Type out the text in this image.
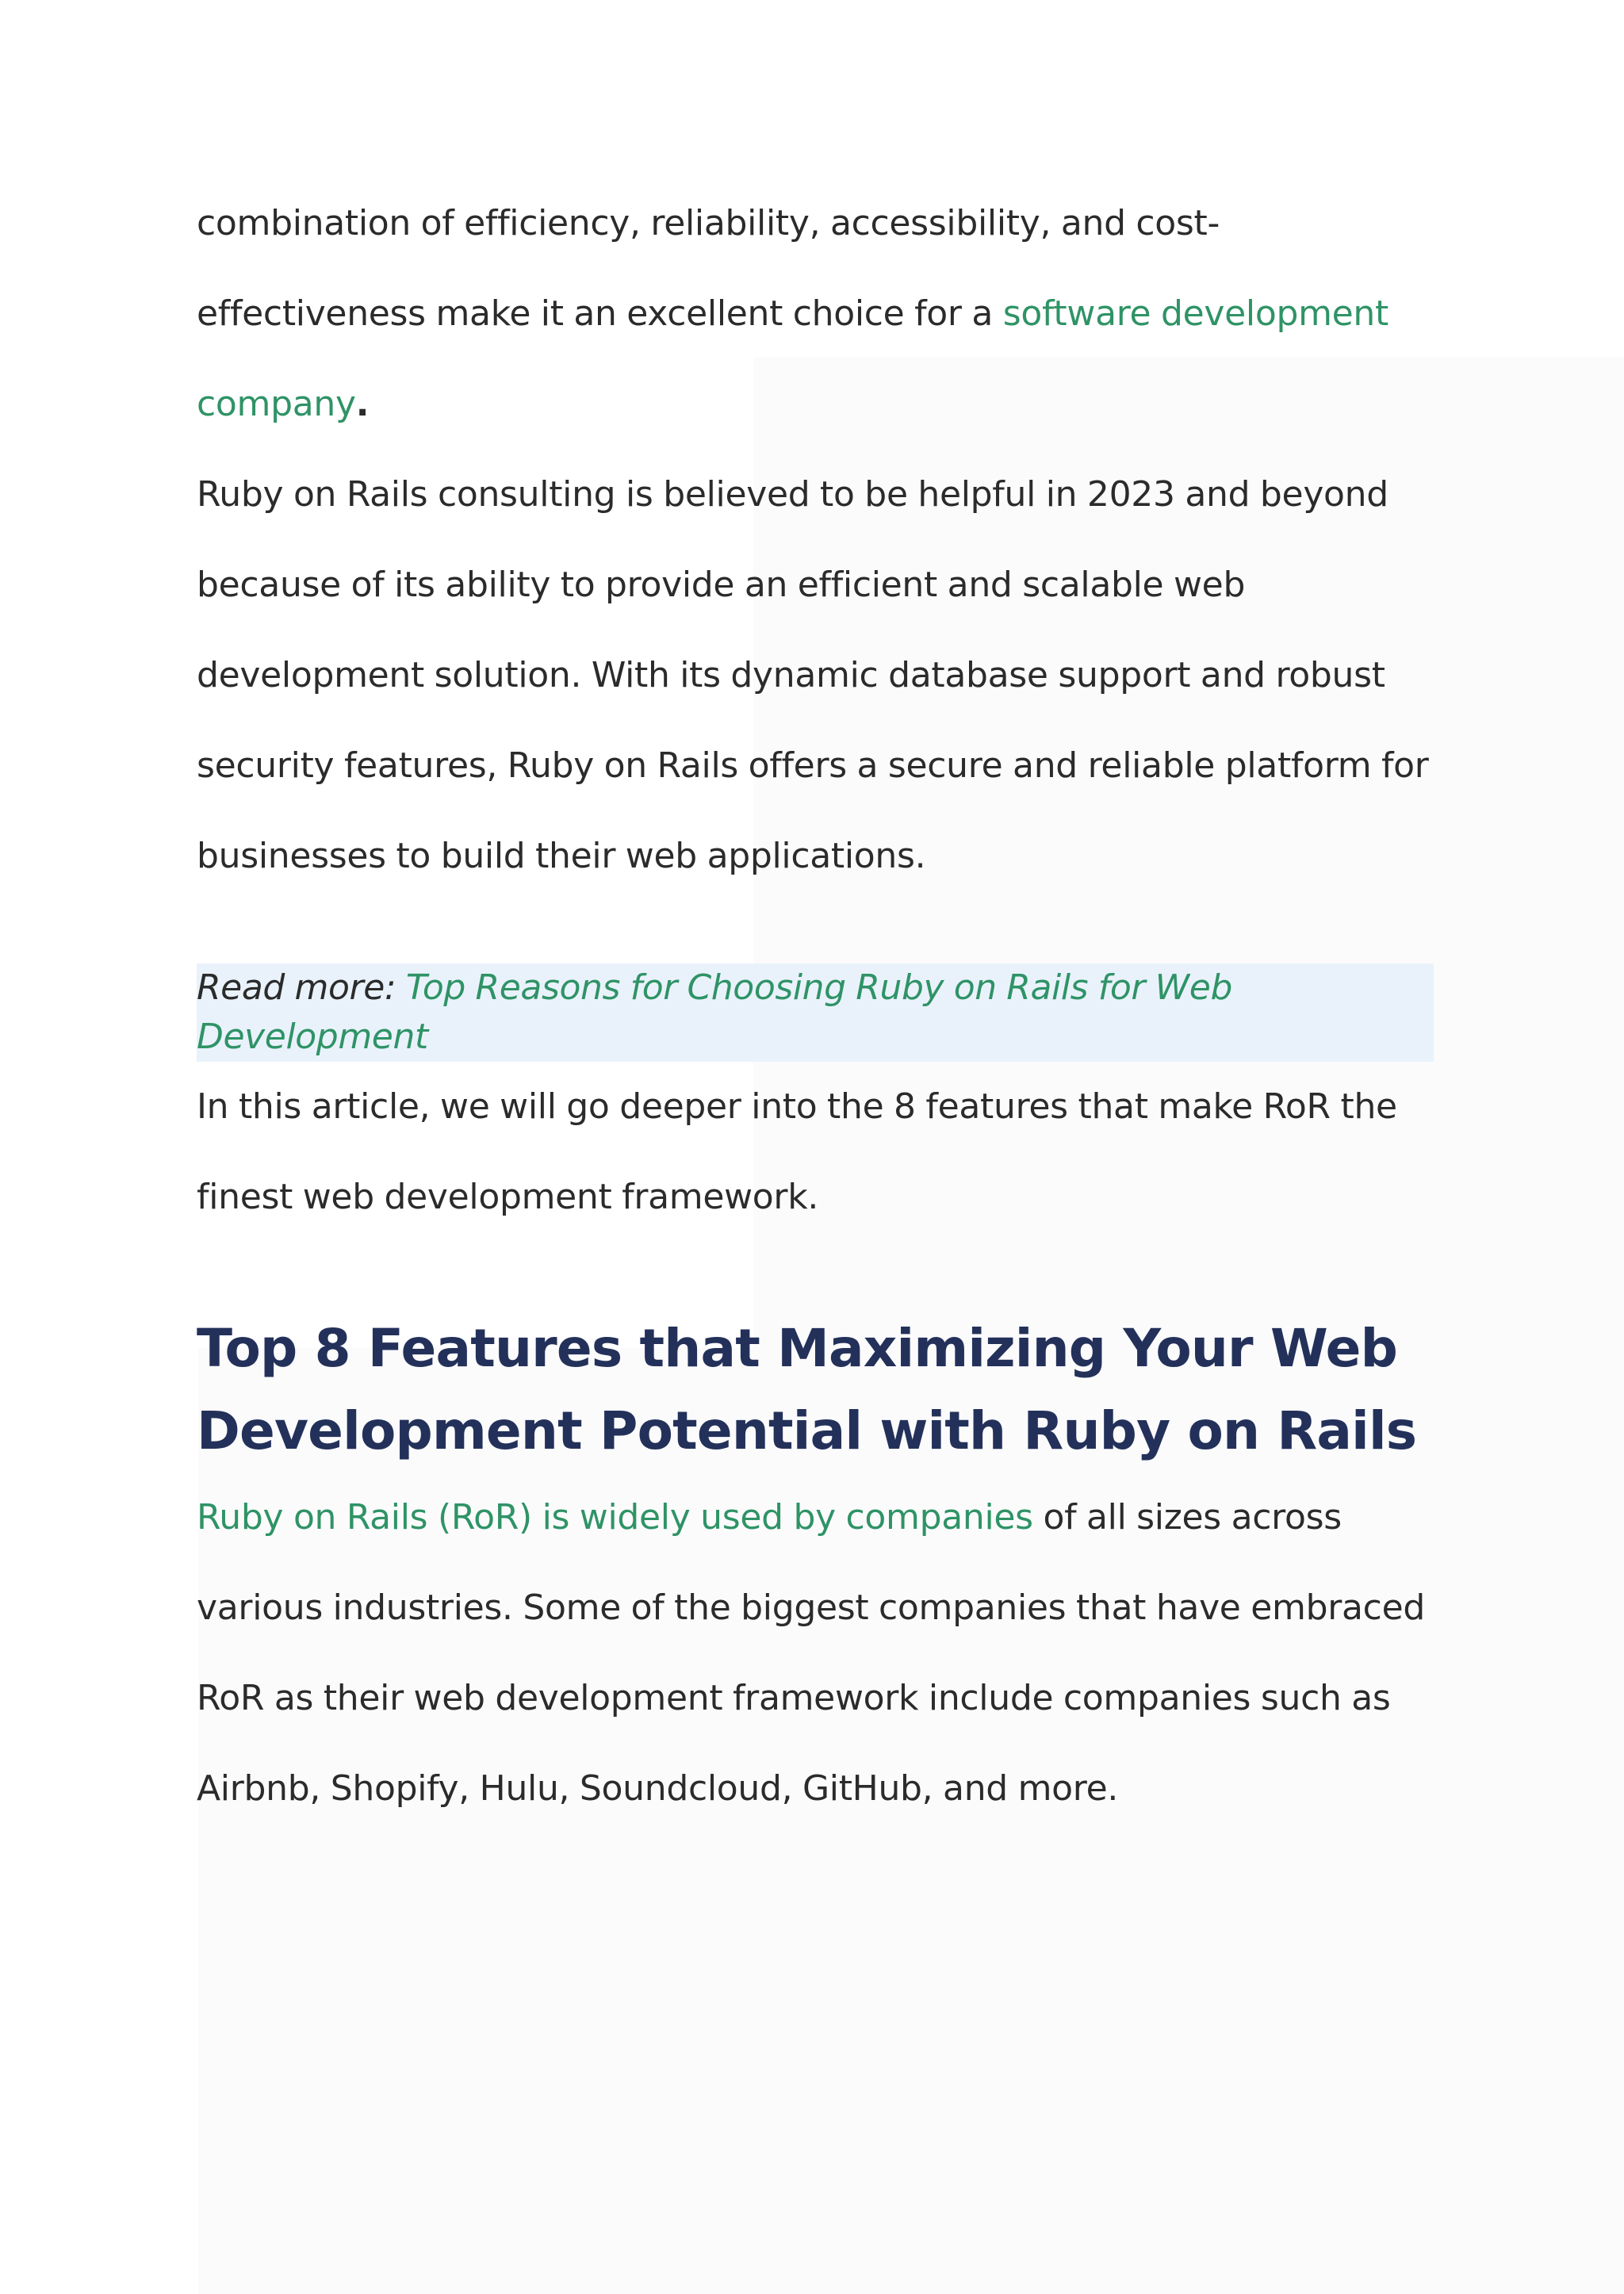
combination of efficiency, reliability, accessibility, and cost-effectiveness make it an excellent choice for a software development company.

Ruby on Rails consulting is believed to be helpful in 2023 and beyond because of its ability to provide an efficient and scalable web development solution. With its dynamic database support and robust security features, Ruby on Rails offers a secure and reliable platform for businesses to build their web applications.

Read more: Top Reasons for Choosing Ruby on Rails for Web Development

In this article, we will go deeper into the 8 features that make RoR the finest web development framework.

Top 8 Features that Maximizing Your Web
Development Potential with Ruby on Rails

Ruby on Rails (RoR) is widely used by companies of all sizes across various industries. Some of the biggest companies that have embraced RoR as their web development framework include companies such as Airbnb, Shopify, Hulu, Soundcloud, GitHub, and more.
